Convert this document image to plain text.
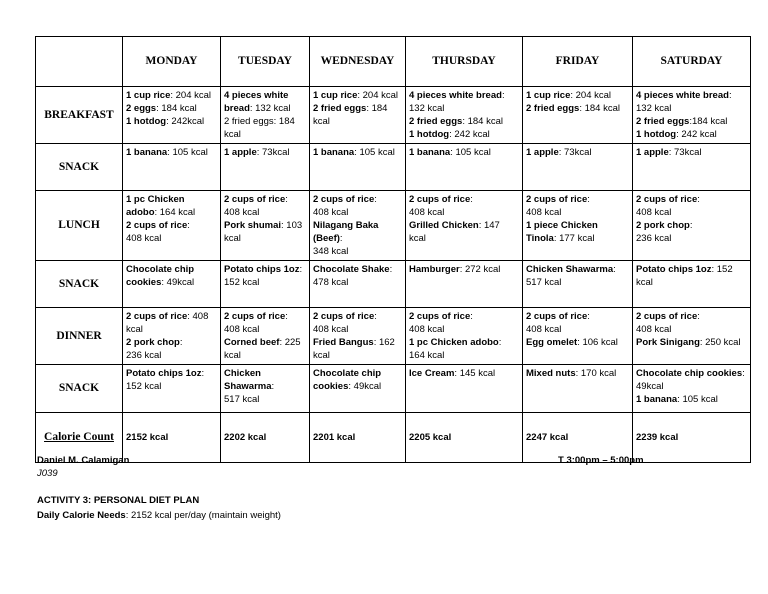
	MONDAY	TUESDAY	WEDNESDAY	THURSDAY	FRIDAY	SATURDAY
BREAKFAST	1 cup rice: 204 kcal
2 eggs: 184 kcal
1 hotdog: 242kcal	4 pieces white
bread: 132 kcal
2 fried eggs: 184
kcal	1 cup rice: 204 kcal
2 fried eggs: 184
kcal	4 pieces white bread:
132 kcal
2 fried eggs: 184 kcal
1 hotdog: 242 kcal	1 cup rice: 204 kcal
2 fried eggs: 184 kcal	4 pieces white bread:
132 kcal
2 fried eggs:184 kcal
1 hotdog: 242 kcal

SNACK	1 banana: 105 kcal	1 apple: 73kcal	1 banana: 105 kcal	1 banana: 105 kcal	1 apple: 73kcal	1 apple: 73kcal

LUNCH	1 pc Chicken
adobo: 164 kcal
2 cups of rice:
408 kcal	2 cups of rice:
408 kcal
Pork shumai: 103
kcal	2 cups of rice:
408 kcal
Nilagang Baka
(Beef):
348 kcal	2 cups of rice:
408 kcal
Grilled Chicken: 147
kcal	2 cups of rice:
408 kcal
1 piece Chicken
Tinola: 177 kcal	2 cups of rice:
408 kcal
2 pork chop:
236 kcal

SNACK	Chocolate chip
cookies: 49kcal	Potato chips 1oz:
152 kcal	Chocolate Shake:
478 kcal	Hamburger: 272 kcal	Chicken Shawarma:
517 kcal	Potato chips 1oz: 152
kcal

DINNER	2 cups of rice: 408
kcal
2 pork chop:
236 kcal	2 cups of rice:
408 kcal
Corned beef: 225
kcal	2 cups of rice:
408 kcal
Fried Bangus: 162
kcal	2 cups of rice:
408 kcal
1 pc Chicken adobo:
164 kcal	2 cups of rice:
408 kcal
Egg omelet: 106 kcal	2 cups of rice:
408 kcal
Pork Sinigang: 250 kcal

SNACK	Potato chips 1oz:
152 kcal	Chicken
Shawarma:
517 kcal	Chocolate chip
cookies: 49kcal	Ice Cream: 145 kcal	Mixed nuts: 170 kcal	Chocolate chip cookies:
49kcal
1 banana: 105 kcal

Calorie Count	2152 kcal	2202 kcal	2201 kcal	2205 kcal	2247 kcal	2239 kcal
Daniel M. Calamigan	T 3:00pm – 5:00pm
J039
ACTIVITY 3: PERSONAL DIET PLAN
Daily Calorie Needs: 2152 kcal per/day (maintain weight)
